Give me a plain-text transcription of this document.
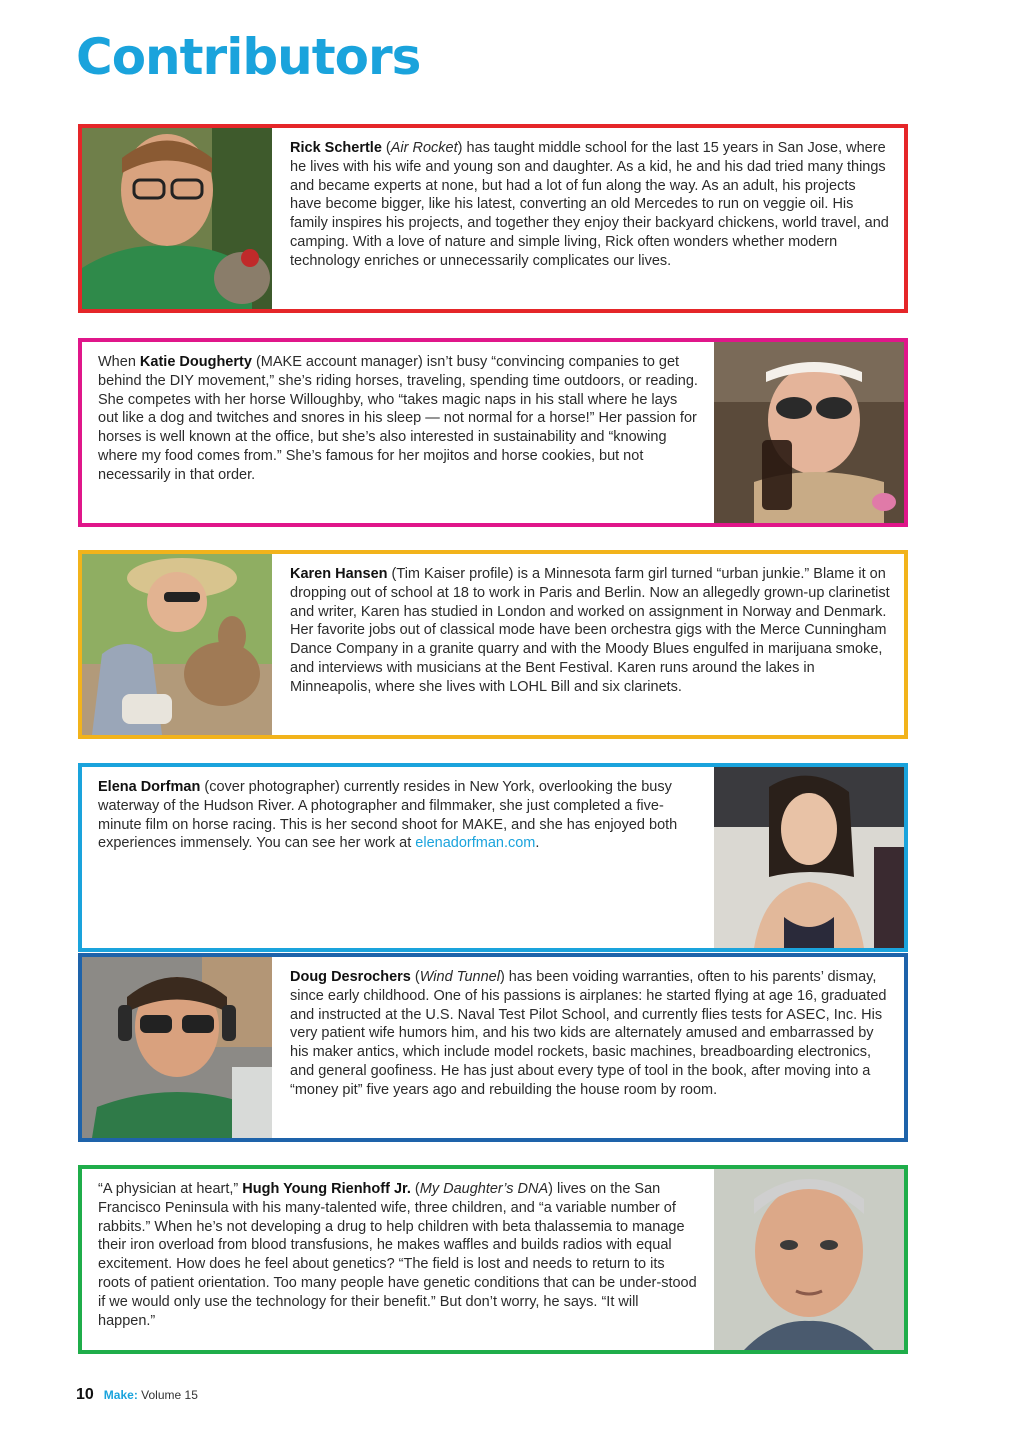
Contributors

Rick Schertle (Air Rocket) has taught middle school for the last 15 years in San Jose, where he lives with his wife and young son and daughter. As a kid, he and his dad tried many things and became experts at none, but had a lot of fun along the way. As an adult, his projects have become bigger, like his latest, converting an old Mercedes to run on veggie oil. His family inspires his projects, and together they enjoy their backyard chickens, world travel, and camping. With a love of nature and simple living, Rick often wonders whether modern technology enriches or unnecessarily complicates our lives.

When Katie Dougherty (MAKE account manager) isn’t busy “convincing companies to get behind the DIY movement,” she’s riding horses, traveling, spending time outdoors, or reading. She competes with her horse Willoughby, who “takes magic naps in his stall where he lays out like a dog and twitches and snores in his sleep — not normal for a horse!” Her passion for horses is well known at the office, but she’s also interested in sustainability and “knowing where my food comes from.” She’s famous for her mojitos and horse cookies, but not necessarily in that order.

Karen Hansen (Tim Kaiser profile) is a Minnesota farm girl turned “urban junkie.” Blame it on dropping out of school at 18 to work in Paris and Berlin. Now an allegedly grown-up clarinetist and writer, Karen has studied in London and worked on assignment in Norway and Denmark. Her favorite jobs out of classical mode have been orchestra gigs with the Merce Cunningham Dance Company in a granite quarry and with the Moody Blues engulfed in marijuana smoke, and interviews with musicians at the Bent Festival. Karen runs around the lakes in Minneapolis, where she lives with LOHL Bill and six clarinets.

Elena Dorfman (cover photographer) currently resides in New York, overlooking the busy waterway of the Hudson River. A photographer and filmmaker, she just completed a five-minute film on horse racing. This is her second shoot for MAKE, and she has enjoyed both experiences immensely. You can see her work at elenadorfman.com.

Doug Desrochers (Wind Tunnel) has been voiding warranties, often to his parents’ dismay, since early childhood. One of his passions is airplanes: he started flying at age 16, graduated and instructed at the U.S. Naval Test Pilot School, and currently flies tests for ASEC, Inc. His very patient wife humors him, and his two kids are alternately amused and embarrassed by his maker antics, which include model rockets, basic machines, breadboarding electronics, and general goofiness. He has just about every type of tool in the book, after moving into a “money pit” five years ago and rebuilding the house room by room.

“A physician at heart,” Hugh Young Rienhoff Jr. (My Daughter’s DNA) lives on the San Francisco Peninsula with his many-talented wife, three children, and “a variable number of rabbits.” When he’s not developing a drug to help children with beta thalassemia to manage their iron overload from blood transfusions, he makes waffles and builds radios with equal excitement. How does he feel about genetics? “The field is lost and needs to return to its roots of patient orientation. Too many people have genetic conditions that can be under-stood if we would only use the technology for their benefit.” But don’t worry, he says. “It will happen.”

10 Make: Volume 15
